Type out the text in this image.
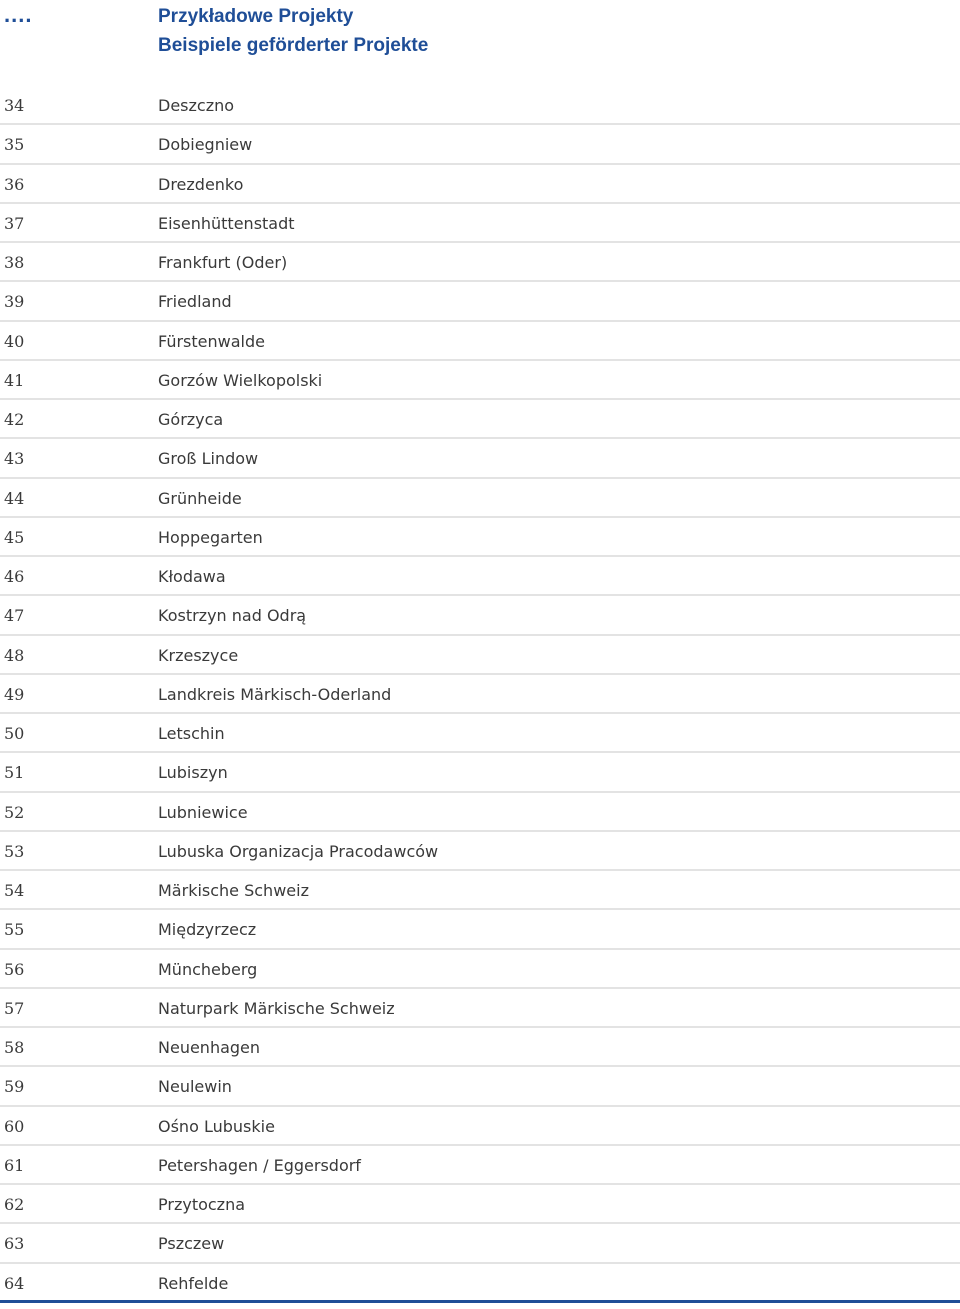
....	Przykładowe Projekty
Beispiele geförderter Projekte
34	Deszczno
35	Dobiegniew
36	Drezdenko
37	Eisenhüttenstadt
38	Frankfurt (Oder)
39	Friedland
40	Fürstenwalde
41	Gorzów Wielkopolski
42	Górzyca
43	Groß Lindow
44	Grünheide
45	Hoppegarten
46	Kłodawa
47	Kostrzyn nad Odrą
48	Krzeszyce
49	Landkreis Märkisch-Oderland
50	Letschin
51	Lubiszyn
52	Lubniewice
53	Lubuska Organizacja Pracodawców
54	Märkische Schweiz
55	Międzyrzecz
56	Müncheberg
57	Naturpark Märkische Schweiz
58	Neuenhagen
59	Neulewin
60	Ośno Lubuskie
61	Petershagen / Eggersdorf
62	Przytoczna
63	Pszczew
64	Rehfelde
